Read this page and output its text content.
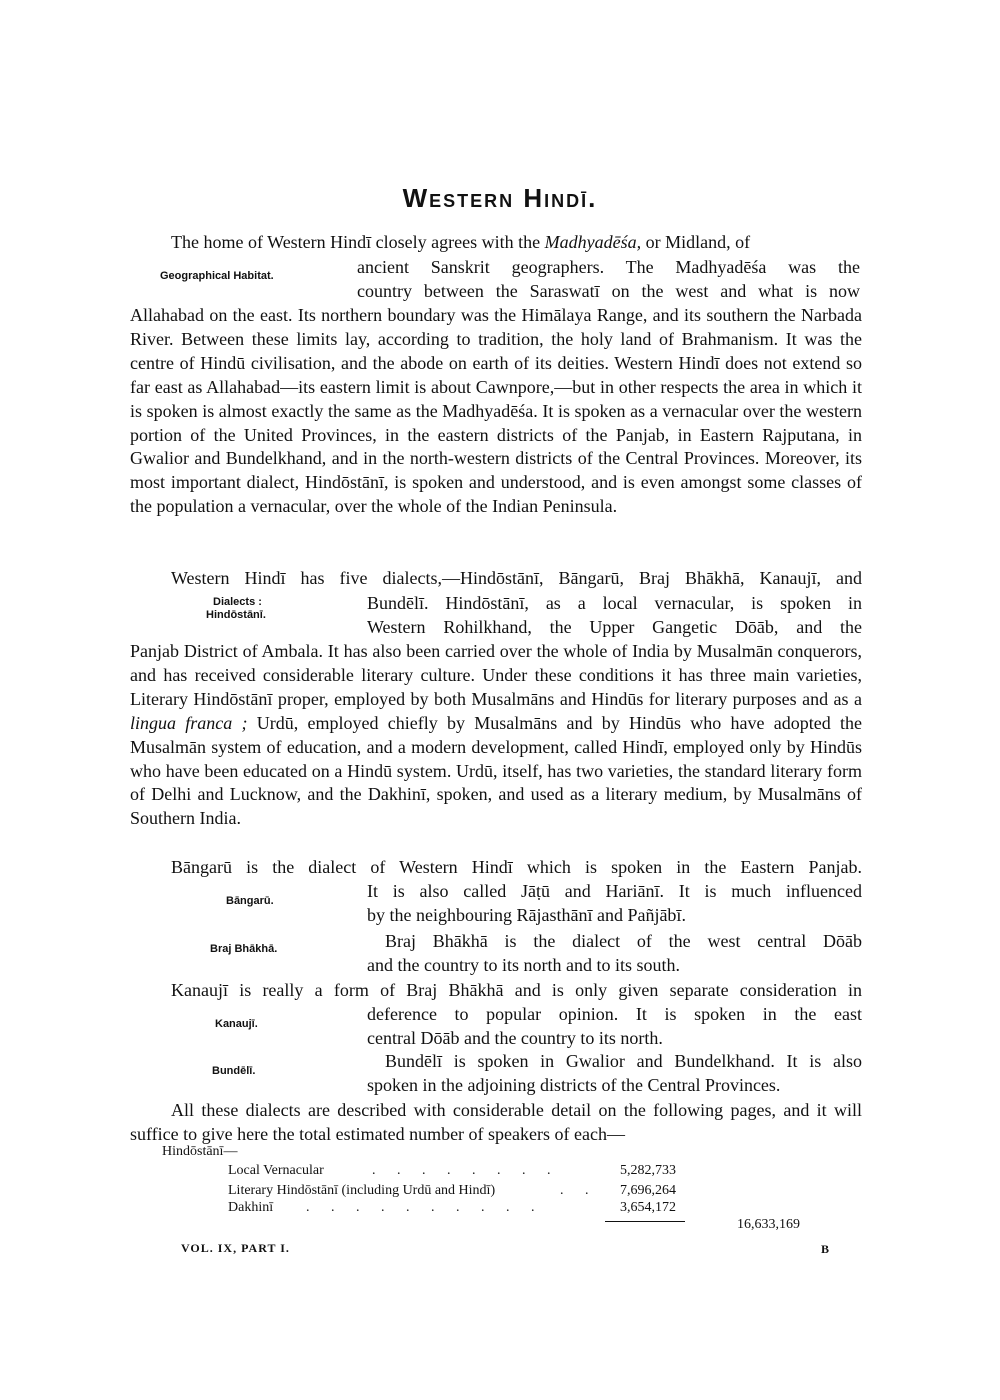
Western Hindī.
The home of Western Hindī closely agrees with the Madhyadēśa, or Midland, of
Geographical Habitat.	ancient Sanskrit geographers. The Madhyadēśa was the
country between the Saraswatī on the west and what is now
Allahabad on the east. Its northern boundary was the Himālaya Range, and its southern the Narbada River. Between these limits lay, according to tradition, the holy land of Brahmanism. It was the centre of Hindū civilisation, and the abode on earth of its deities. Western Hindī does not extend so far east as Allahabad—its eastern limit is about Cawnpore,—but in other respects the area in which it is spoken is almost exactly the same as the Madhyadēśa. It is spoken as a vernacular over the western portion of the United Provinces, in the eastern districts of the Panjab, in Eastern Rajputana, in Gwalior and Bundelkhand, and in the north-western districts of the Central Provinces. Moreover, its most important dialect, Hindōstānī, is spoken and understood, and is even amongst some classes of the population a vernacular, over the whole of the Indian Peninsula.
Western Hindī has five dialects,—Hindōstānī, Bāngarū, Braj Bhākhā, Kanaujī, and
Dialects :
Hindōstānī.
Bundēlī. Hindōstānī, as a local vernacular, is spoken in
Western Rohilkhand, the Upper Gangetic Dōāb, and the
Panjab District of Ambala. It has also been carried over the whole of India by Musalmān conquerors, and has received considerable literary culture. Under these conditions it has three main varieties, Literary Hindōstānī proper, employed by both Musalmāns and Hindūs for literary purposes and as a lingua franca ; Urdū, employed chiefly by Musalmāns and by Hindūs who have adopted the Musalmān system of education, and a modern development, called Hindī, employed only by Hindūs who have been educated on a Hindū system. Urdū, itself, has two varieties, the standard literary form of Delhi and Lucknow, and the Dakhinī, spoken, and used as a literary medium, by Musalmāns of Southern India.
Bāngarū is the dialect of Western Hindī which is spoken in the Eastern Panjab.
Bāngarū.	It is also called Jāṭū and Hariānī. It is much influenced
by the neighbouring Rājasthānī and Pañjābī.
Braj Bhākhā.	Braj Bhākhā is the dialect of the west central Dōāb
and the country to its north and to its south.
Kanaujī is really a form of Braj Bhākhā and is only given separate consideration in
Kanaujī.	deference to popular opinion. It is spoken in the east
central Dōāb and the country to its north.
Bundēlī.	Bundēlī is spoken in Gwalior and Bundelkhand. It is also
spoken in the adjoining districts of the Central Provinces.
All these dialects are described with considerable detail on the following pages, and it will suffice to give here the total estimated number of speakers of each—
Hindōstānī—
Local Vernacular	. . . . . . . .	5,282,733
Literary Hindōstānī (including Urdū and Hindī)	. . 7,696,264
Dakhinī . . . . . . . . . .	3,654,172
16,633,169
VOL. IX, PART I.	B
